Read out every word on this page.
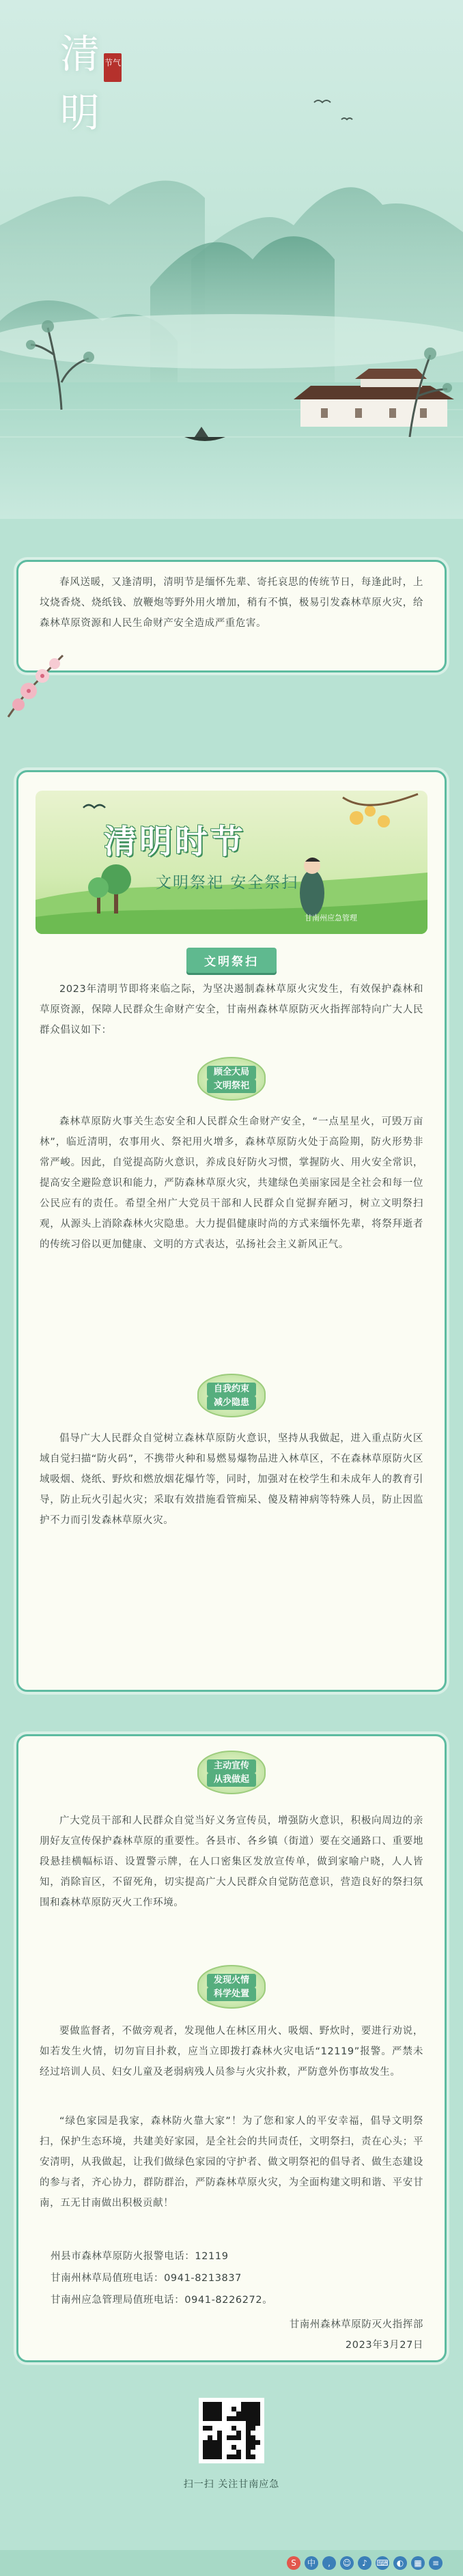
清
明
节气
春风送暖，又逢清明，清明节是缅怀先辈、寄托哀思的传统节日，每逢此时，上坟烧香烧、烧纸钱、放鞭炮等野外用火增加，稍有不慎，极易引发森林草原火灾，给森林草原资源和人民生命财产安全造成严重危害。
清明时节
文明祭祀 安全祭扫
甘南州应急管理
文明祭扫
2023年清明节即将来临之际，为坚决遏制森林草原火灾发生，有效保护森林和草原资源，保障人民群众生命财产安全，甘南州森林草原防灭火指挥部特向广大人民群众倡议如下：
顾全大局
文明祭祀
森林草原防火事关生态安全和人民群众生命财产安全，“一点星星火，可毁万亩林”，临近清明，农事用火、祭祀用火增多，森林草原防火处于高险期，防火形势非常严峻。因此，自觉提高防火意识，养成良好防火习惯，掌握防火、用火安全常识，提高安全避险意识和能力，严防森林草原火灾，共建绿色美丽家园是全社会和每一位公民应有的责任。希望全州广大党员干部和人民群众自觉摒弃陋习，树立文明祭扫观，从源头上消除森林火灾隐患。大力提倡健康时尚的方式来缅怀先辈，将祭拜逝者的传统习俗以更加健康、文明的方式表达，弘扬社会主义新风正气。
自我约束
减少隐患
倡导广大人民群众自觉树立森林草原防火意识，坚持从我做起，进入重点防火区域自觉扫描“防火码”，不携带火种和易燃易爆物品进入林草区，不在森林草原防火区域吸烟、烧纸、野炊和燃放烟花爆竹等，同时，加强对在校学生和未成年人的教育引导，防止玩火引起火灾；采取有效措施看管痴呆、傻及精神病等特殊人员，防止因监护不力而引发森林草原火灾。
主动宣传
从我做起
广大党员干部和人民群众自觉当好义务宣传员，增强防火意识，积极向周边的亲朋好友宣传保护森林草原的重要性。各县市、各乡镇（街道）要在交通路口、重要地段悬挂横幅标语、设置警示牌，在人口密集区发放宣传单，做到家喻户晓，人人皆知，消除盲区，不留死角，切实提高广大人民群众自觉防范意识，营造良好的祭扫氛围和森林草原防灭火工作环境。
发现火情
科学处置
要做监督者，不做旁观者，发现他人在林区用火、吸烟、野炊时，要进行劝说，如若发生火情，切勿盲目扑救，应当立即拨打森林火灾电话“12119”报警。严禁未经过培训人员、妇女儿童及老弱病残人员参与火灾扑救，严防意外伤事故发生。
“绿色家园是我家，森林防火靠大家”！为了您和家人的平安幸福，倡导文明祭扫，保护生态环境，共建美好家园，是全社会的共同责任，文明祭扫，责在心头；平安清明，从我做起，让我们做绿色家园的守护者、做文明祭祀的倡导者、做生态建设的参与者，齐心协力，群防群治，严防森林草原火灾，为全面构建文明和谐、平安甘南，五无甘南做出积极贡献！
州县市森林草原防火报警电话：12119
甘南州林草局值班电话：0941-8213837
甘南州应急管理局值班电话：0941-8226272。
甘南州森林草原防灭火指挥部
2023年3月27日
扫一扫 关注甘南应急
S	中	,	☺	♪	⌨	◐	▦	≡
